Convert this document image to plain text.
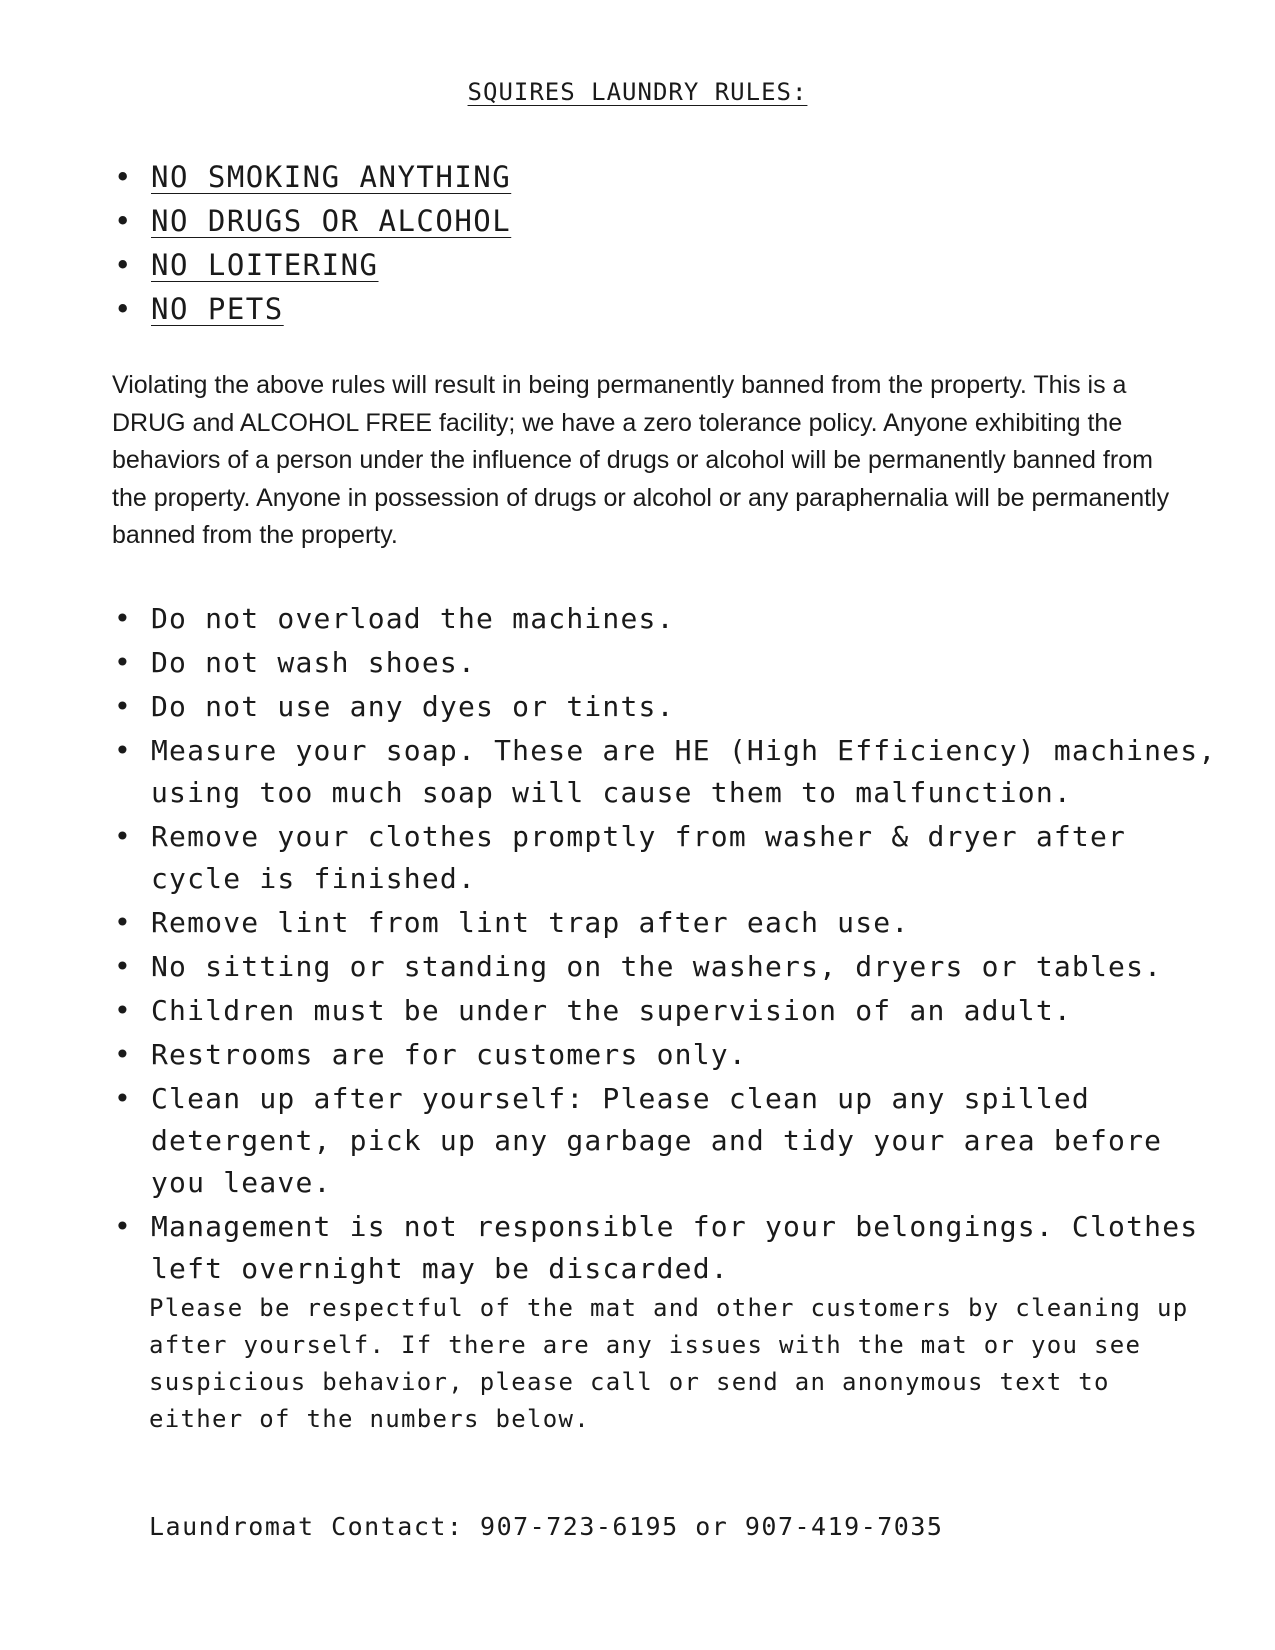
SQUIRES LAUNDRY RULES:
• NO SMOKING ANYTHING
• NO DRUGS OR ALCOHOL
• NO LOITERING
• NO PETS

Violating the above rules will result in being permanently banned from the property. This is a DRUG and ALCOHOL FREE facility; we have a zero tolerance policy. Anyone exhibiting the behaviors of a person under the influence of drugs or alcohol will be permanently banned from the property. Anyone in possession of drugs or alcohol or any paraphernalia will be permanently banned from the property.

• Do not overload the machines.
• Do not wash shoes.
• Do not use any dyes or tints.
• Measure your soap. These are HE (High Efficiency) machines, using too much soap will cause them to malfunction.
• Remove your clothes promptly from washer & dryer after cycle is finished.
• Remove lint from lint trap after each use.
• No sitting or standing on the washers, dryers or tables.
• Children must be under the supervision of an adult.
• Restrooms are for customers only.
• Clean up after yourself: Please clean up any spilled detergent, pick up any garbage and tidy your area before you leave.
• Management is not responsible for your belongings. Clothes left overnight may be discarded.

Please be respectful of the mat and other customers by cleaning up after yourself. If there are any issues with the mat or you see suspicious behavior, please call or send an anonymous text to either of the numbers below.

Laundromat Contact: 907-723-6195 or 907-419-7035
